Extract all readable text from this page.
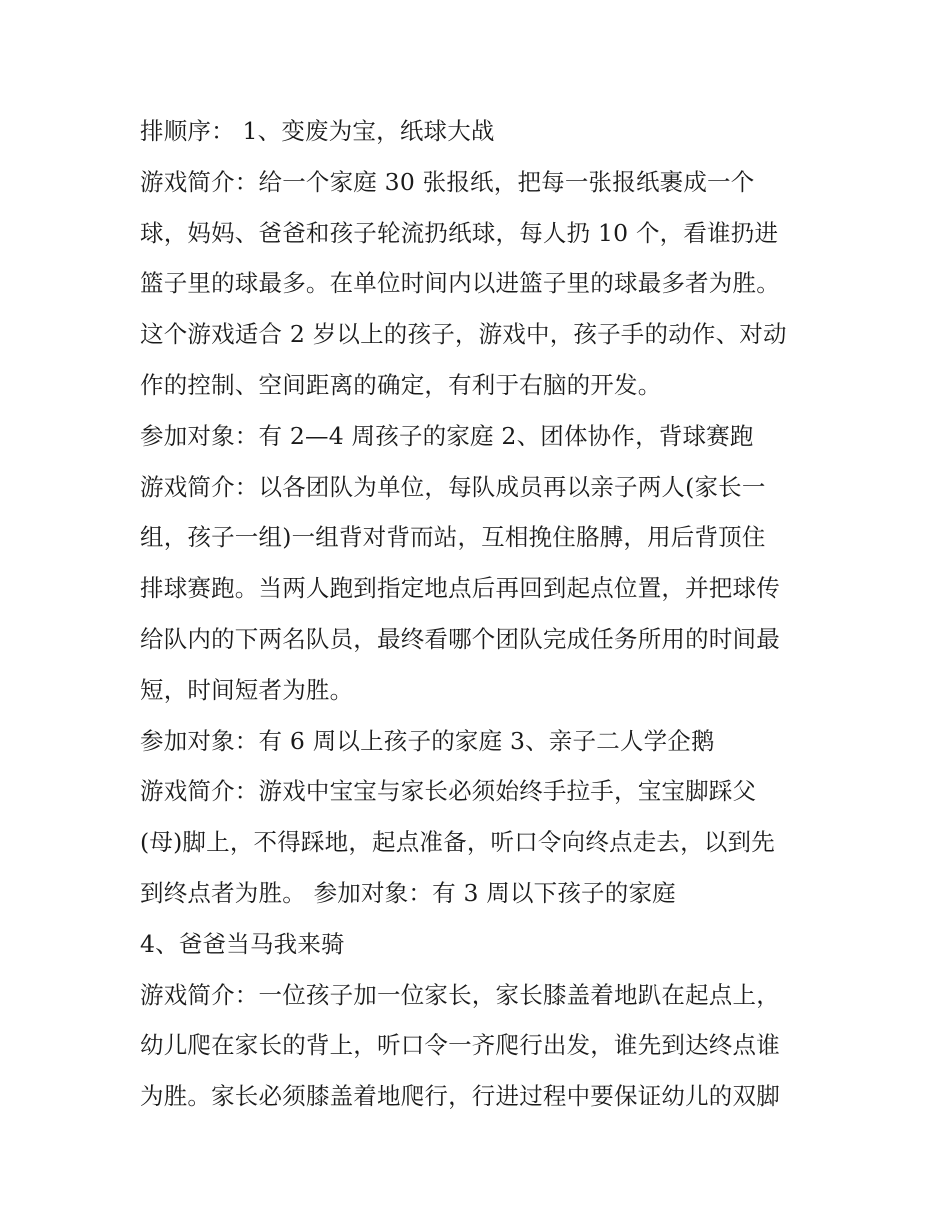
排顺序： 1、变废为宝，纸球大战
游戏简介：给一个家庭 30 张报纸，把每一张报纸裹成一个
球，妈妈、爸爸和孩子轮流扔纸球，每人扔 10 个，看谁扔进
篮子里的球最多。在单位时间内以进篮子里的球最多者为胜。
这个游戏适合 2 岁以上的孩子，游戏中，孩子手的动作、对动
作的控制、空间距离的确定，有利于右脑的开发。
参加对象：有 2—4 周孩子的家庭 2、团体协作，背球赛跑
游戏简介：以各团队为单位，每队成员再以亲子两人(家长一
组，孩子一组)一组背对背而站，互相挽住胳膊，用后背顶住
排球赛跑。当两人跑到指定地点后再回到起点位置，并把球传
给队内的下两名队员，最终看哪个团队完成任务所用的时间最
短，时间短者为胜。
参加对象：有 6 周以上孩子的家庭 3、亲子二人学企鹅
游戏简介：游戏中宝宝与家长必须始终手拉手，宝宝脚踩父
(母)脚上，不得踩地，起点准备，听口令向终点走去，以到先
到终点者为胜。 参加对象：有 3 周以下孩子的家庭
4、爸爸当马我来骑
游戏简介：一位孩子加一位家长，家长膝盖着地趴在起点上，
幼儿爬在家长的背上，听口令一齐爬行出发，谁先到达终点谁
为胜。家长必须膝盖着地爬行，行进过程中要保证幼儿的双脚
